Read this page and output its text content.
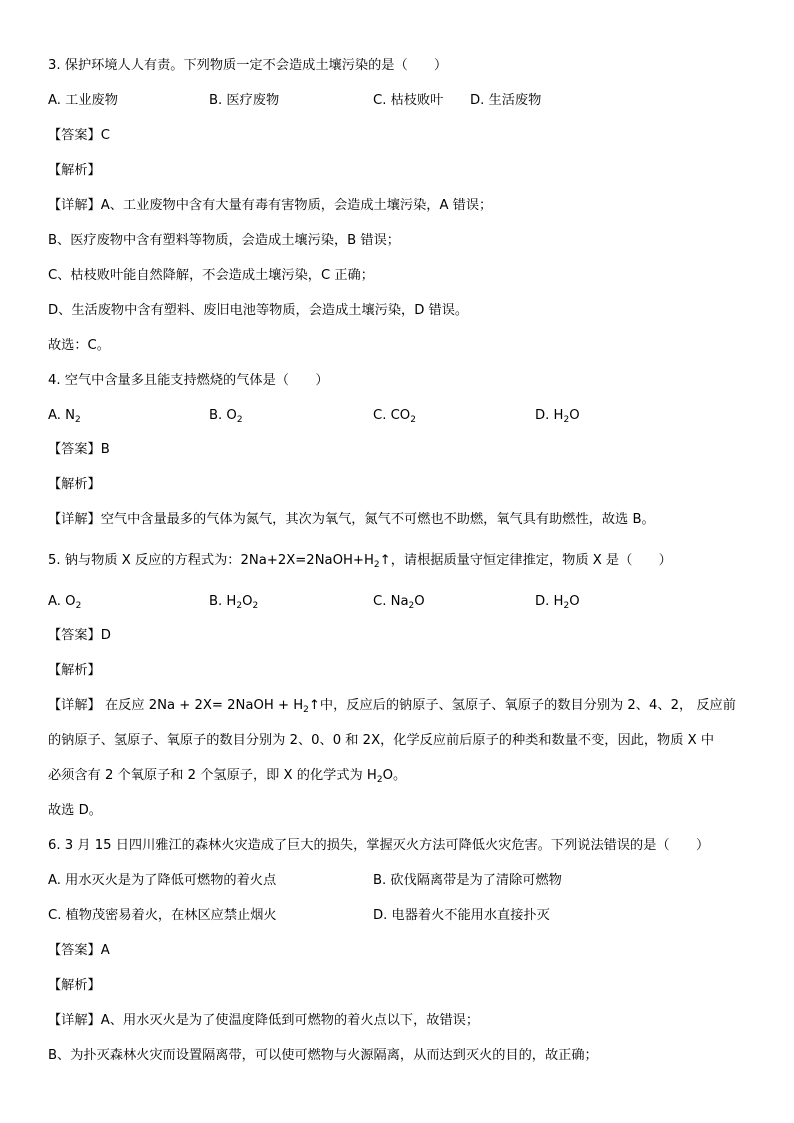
3. 保护环境人人有责。下列物质一定不会造成土壤污染的是（　　）
A. 工业废物	B. 医疗废物	C. 枯枝败叶 D. 生活废物
【答案】C
【解析】
【详解】A、工业废物中含有大量有毒有害物质，会造成土壤污染，A 错误；
B、医疗废物中含有塑料等物质，会造成土壤污染，B 错误；
C、枯枝败叶能自然降解，不会造成土壤污染，C 正确；
D、生活废物中含有塑料、废旧电池等物质，会造成土壤污染，D 错误。
故选：C。
4. 空气中含量多且能支持燃烧的气体是（　　）
A. $N_2$	B. $O_2$	C. $CO_2$	D. $H_2O$
【答案】B
【解析】
【详解】空气中含量最多的气体为氮气，其次为氧气，氮气不可燃也不助燃，氧气具有助燃性，故选 B。
5. 钠与物质 X 反应的方程式为：$2Na+2X=2NaOH+H_2↑$，请根据质量守恒定律推定，物质 X 是（　　）
A. $O_2$	B. $H_2O_2$	C. $Na_2O$	D. $H_2O$
【答案】D
【解析】
【详解】 在反应 2Na + 2X= 2NaOH + $H_2↑$中，反应后的钠原子、氢原子、氧原子的数目分别为 2、4、2， 反应前
的钠原子、氢原子、氧原子的数目分别为 2、0、0 和 2X，化学反应前后原子的种类和数量不变，因此，物质 X 中
必须含有 2 个氧原子和 2 个氢原子，即 X 的化学式为 $H_2O$。
故选 D。
6. 3 月 15 日四川雅江的森林火灾造成了巨大的损失，掌握灭火方法可降低火灾危害。下列说法错误的是（　　）
A. 用水灭火是为了降低可燃物的着火点	B. 砍伐隔离带是为了清除可燃物
C. 植物茂密易着火，在林区应禁止烟火	D. 电器着火不能用水直接扑灭
【答案】A
【解析】
【详解】A、用水灭火是为了使温度降低到可燃物的着火点以下，故错误；
B、为扑灭森林火灾而设置隔离带，可以使可燃物与火源隔离，从而达到灭火的目的，故正确；
